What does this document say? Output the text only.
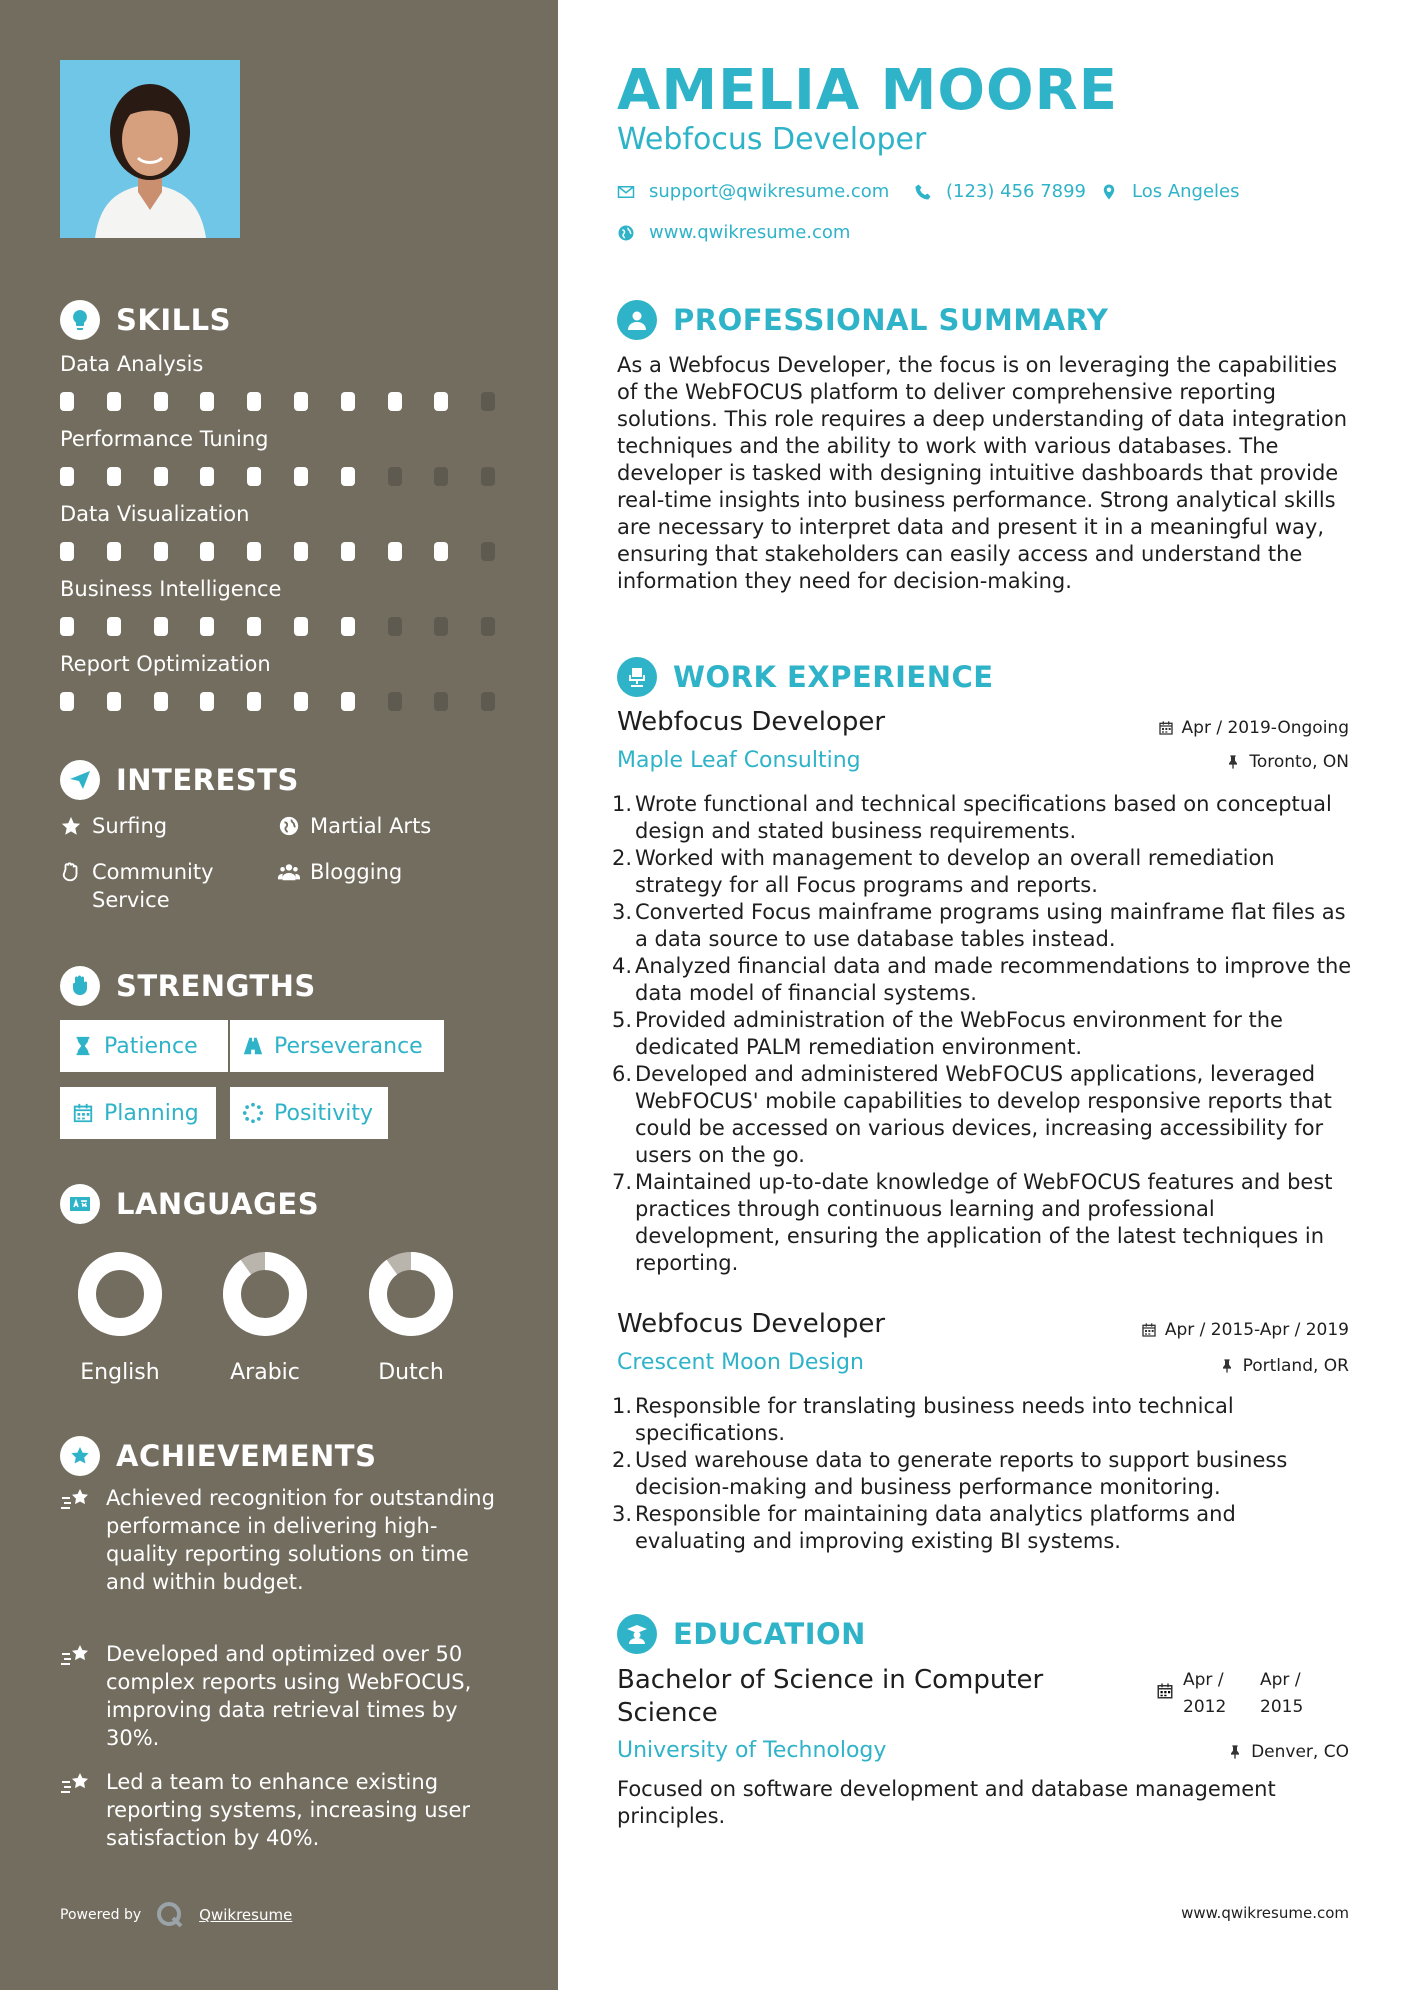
SKILLS
Data Analysis
Performance Tuning
Data Visualization
Business Intelligence
Report Optimization
INTERESTS
Surfing	Martial Arts
Community Service
Blogging
STRENGTHS
Patience	Perseverance
Planning	Positivity
LANGUAGES
English	Arabic	Dutch
ACHIEVEMENTS
Achieved recognition for outstanding performance in delivering high-quality reporting solutions on time and within budget.
Developed and optimized over 50 complex reports using WebFOCUS, improving data retrieval times by 30%.
Led a team to enhance existing reporting systems, increasing user satisfaction by 40%.
Powered by	Qwikresume
AMELIA MOORE
Webfocus Developer
support@qwikresume.com	(123) 456 7899	Los Angeles
www.qwikresume.com
PROFESSIONAL SUMMARY
As a Webfocus Developer, the focus is on leveraging the capabilities of the WebFOCUS platform to deliver comprehensive reporting solutions. This role requires a deep understanding of data integration techniques and the ability to work with various databases. The developer is tasked with designing intuitive dashboards that provide real-time insights into business performance. Strong analytical skills are necessary to interpret data and present it in a meaningful way, ensuring that stakeholders can easily access and understand the information they need for decision-making.
WORK EXPERIENCE
Webfocus Developer	Apr / 2019-Ongoing
Maple Leaf Consulting	Toronto, ON
1. Wrote functional and technical specifications based on conceptual design and stated business requirements.
2. Worked with management to develop an overall remediation strategy for all Focus programs and reports.
3. Converted Focus mainframe programs using mainframe flat files as a data source to use database tables instead.
4. Analyzed financial data and made recommendations to improve the data model of financial systems.
5. Provided administration of the WebFocus environment for the dedicated PALM remediation environment.
6. Developed and administered WebFOCUS applications, leveraged WebFOCUS' mobile capabilities to develop responsive reports that could be accessed on various devices, increasing accessibility for users on the go.
7. Maintained up-to-date knowledge of WebFOCUS features and best practices through continuous learning and professional development, ensuring the application of the latest techniques in reporting.
Webfocus Developer	Apr / 2015-Apr / 2019
Crescent Moon Design	Portland, OR
1. Responsible for translating business needs into technical specifications.
2. Used warehouse data to generate reports to support business decision-making and business performance monitoring.
3. Responsible for maintaining data analytics platforms and evaluating and improving existing BI systems.
EDUCATION
Bachelor of Science in Computer Science
Apr /
2012
Apr /
2015
University of Technology	Denver, CO
Focused on software development and database management principles.
www.qwikresume.com
